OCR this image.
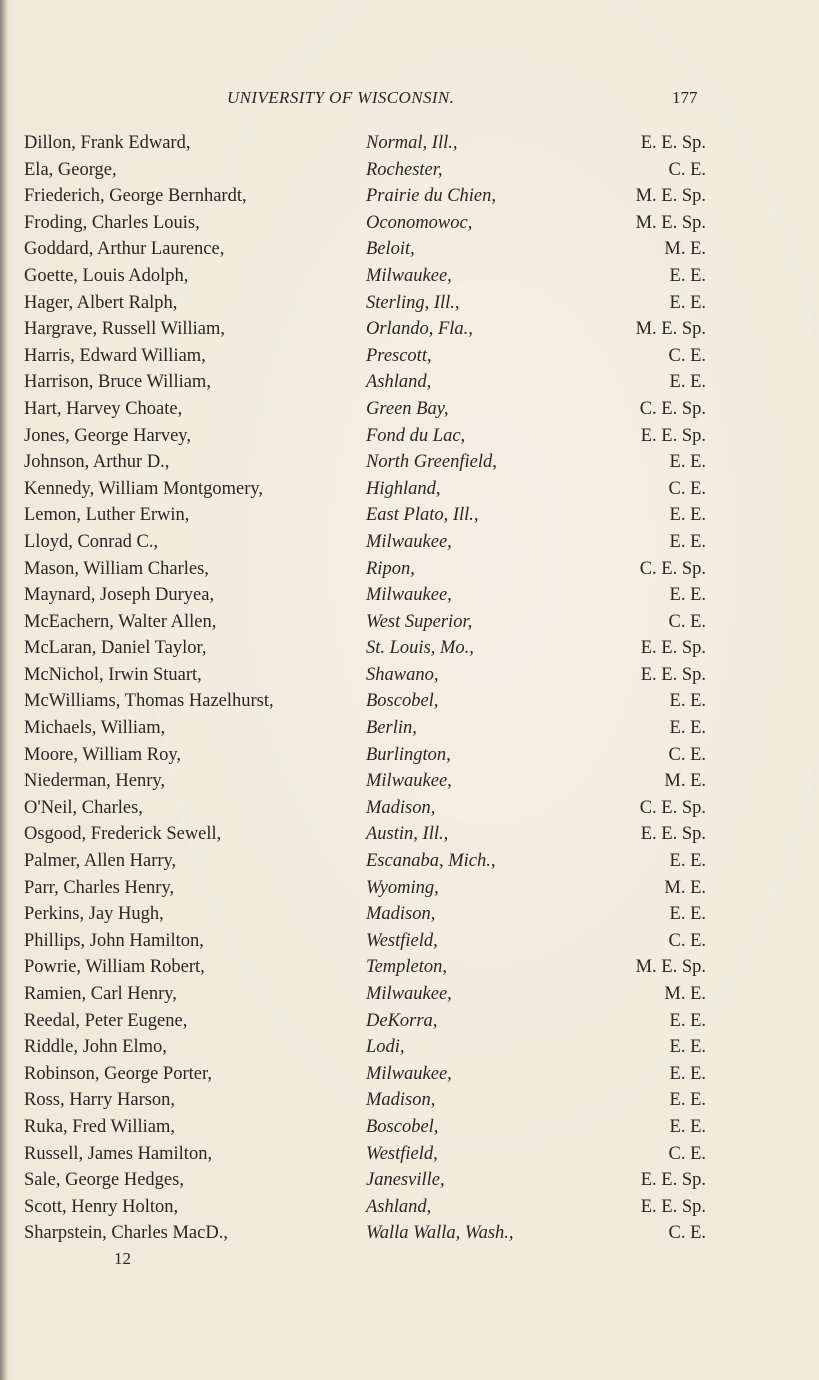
UNIVERSITY OF WISCONSIN.	177
Dillon, Frank Edward,	Normal, Ill.,	E. E. Sp.
Ela, George,	Rochester,	C. E.
Friederich, George Bernhardt,	Prairie du Chien,	M. E. Sp.
Froding, Charles Louis,	Oconomowoc,	M. E. Sp.
Goddard, Arthur Laurence,	Beloit,	M. E.
Goette, Louis Adolph,	Milwaukee,	E. E.
Hager, Albert Ralph,	Sterling, Ill.,	E. E.
Hargrave, Russell William,	Orlando, Fla.,	M. E. Sp.
Harris, Edward William,	Prescott,	C. E.
Harrison, Bruce William,	Ashland,	E. E.
Hart, Harvey Choate,	Green Bay,	C. E. Sp.
Jones, George Harvey,	Fond du Lac,	E. E. Sp.
Johnson, Arthur D.,	North Greenfield,	E. E.
Kennedy, William Montgomery,	Highland,	C. E.
Lemon, Luther Erwin,	East Plato, Ill.,	E. E.
Lloyd, Conrad C.,	Milwaukee,	E. E.
Mason, William Charles,	Ripon,	C. E. Sp.
Maynard, Joseph Duryea,	Milwaukee,	E. E.
McEachern, Walter Allen,	West Superior,	C. E.
McLaran, Daniel Taylor,	St. Louis, Mo.,	E. E. Sp.
McNichol, Irwin Stuart,	Shawano,	E. E. Sp.
McWilliams, Thomas Hazelhurst,	Boscobel,	E. E.
Michaels, William,	Berlin,	E. E.
Moore, William Roy,	Burlington,	C. E.
Niederman, Henry,	Milwaukee,	M. E.
O'Neil, Charles,	Madison,	C. E. Sp.
Osgood, Frederick Sewell,	Austin, Ill.,	E. E. Sp.
Palmer, Allen Harry,	Escanaba, Mich.,	E. E.
Parr, Charles Henry,	Wyoming,	M. E.
Perkins, Jay Hugh,	Madison,	E. E.
Phillips, John Hamilton,	Westfield,	C. E.
Powrie, William Robert,	Templeton,	M. E. Sp.
Ramien, Carl Henry,	Milwaukee,	M. E.
Reedal, Peter Eugene,	DeKorra,	E. E.
Riddle, John Elmo,	Lodi,	E. E.
Robinson, George Porter,	Milwaukee,	E. E.
Ross, Harry Harson,	Madison,	E. E.
Ruka, Fred William,	Boscobel,	E. E.
Russell, James Hamilton,	Westfield,	C. E.
Sale, George Hedges,	Janesville,	E. E. Sp.
Scott, Henry Holton,	Ashland,	E. E. Sp.
Sharpstein, Charles MacD.,	Walla Walla, Wash.,	C. E.
12
